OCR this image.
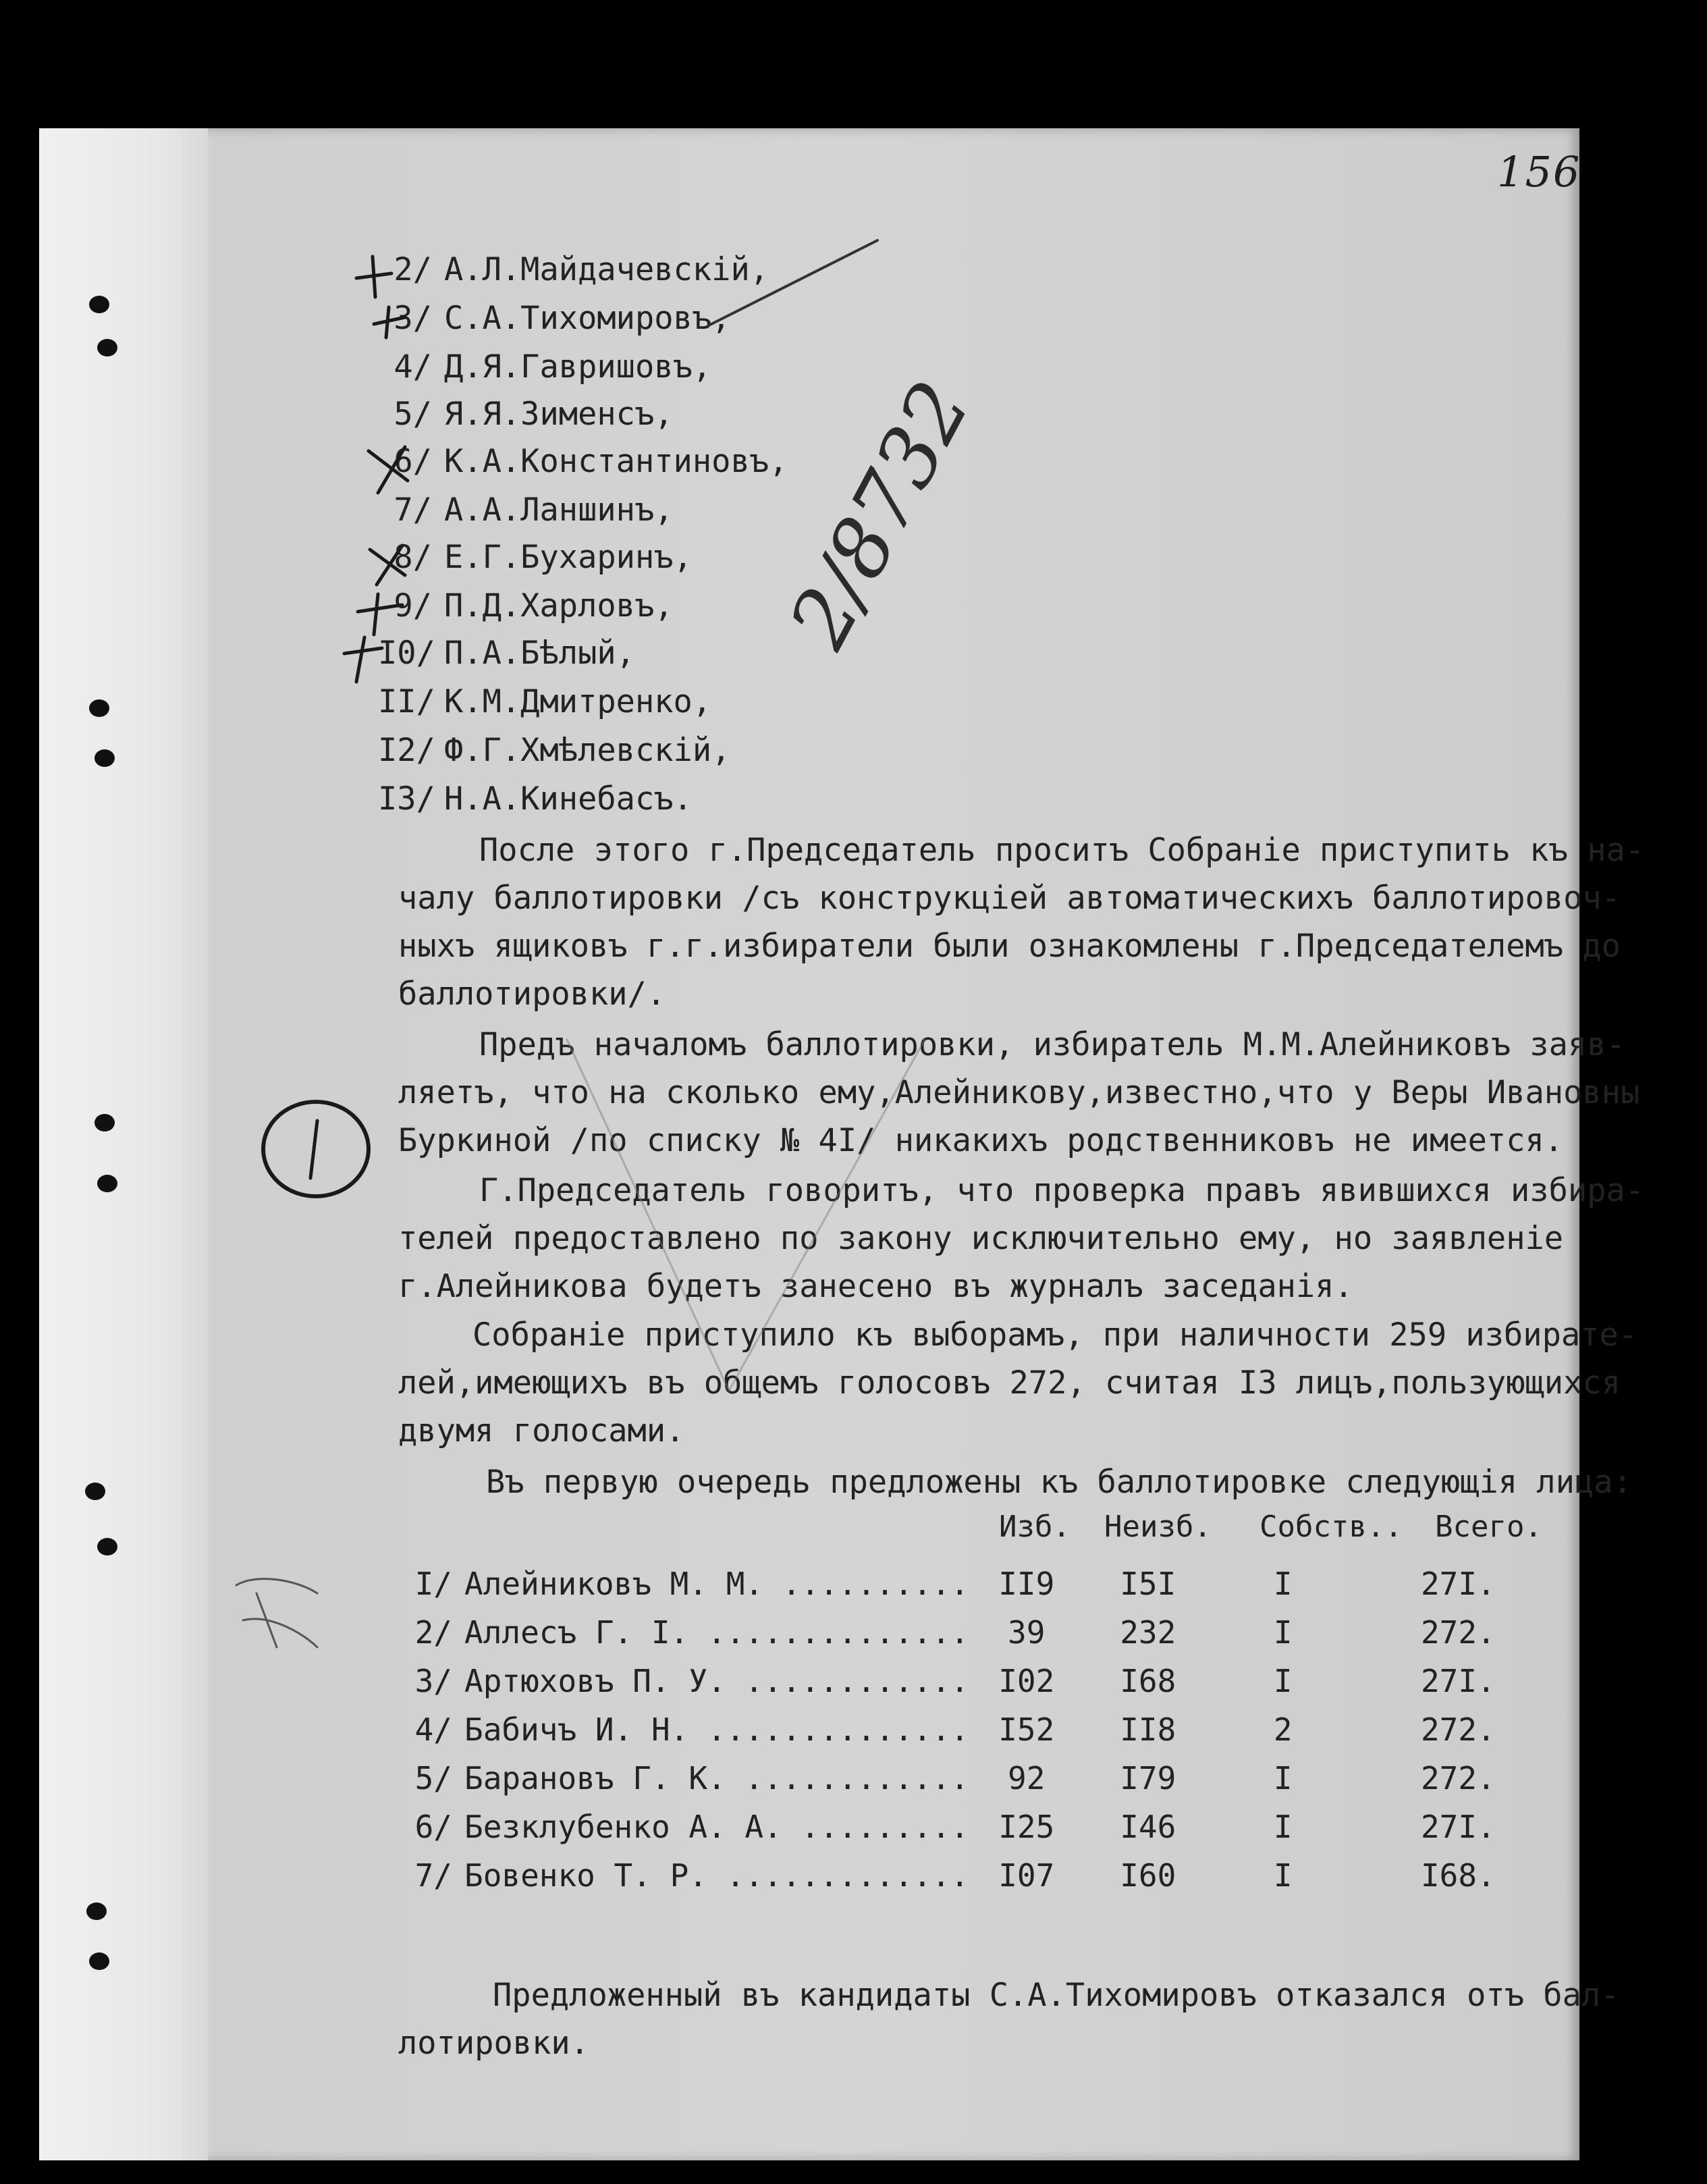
156
2/ А.Л.Майдачевскій,
3/ С.А.Тихомировъ,
4/ Д.Я.Гавришовъ,
5/ Я.Я.Зименсъ,
6/ К.А.Константиновъ,
7/ А.А.Ланшинъ,
8/ Е.Г.Бухаринъ,
9/ П.Д.Харловъ,
I0/ П.А.Бѣлый,
II/ К.М.Дмитренко,
I2/ Ф.Г.Хмѣлевскій,
I3/ Н.А.Кинебасъ.
После этого г.Председатель проситъ Собраніе приступить къ на-
чалу баллотировки /съ конструкціей автоматическихъ баллотировоч-
ныхъ ящиковъ г.г.избиратели были ознакомлены г.Председателемъ до
баллотировки/.
Предъ началомъ баллотировки, избиратель М.М.Алейниковъ заяв-
ляетъ, что на сколько ему,Алейникову,известно,что у Веры Ивановны
Буркиной /по списку № 4I/ никакихъ родственниковъ не имеется.
Г.Председатель говоритъ, что проверка правъ явившихся избира-
телей предоставлено по закону исключительно ему, но заявленіе
г.Алейникова будетъ занесено въ журналъ заседанія.
Собраніе приступило къ выборамъ, при наличности 259 избирате-
лей,имеющихъ въ общемъ голосовъ 272, считая I3 лицъ,пользующихся
двумя голосами.
Въ первую очередь предложены къ баллотировке следующія лица:
Изб. Неизб. Собств.. Всего.
I/	Алейниковъ М. М. ..........	II9	I5I	I	27I.
2/	Аллесъ Г. I. ..............	39	232	I	272.
3/	Артюховъ П. У. ............	I02	I68	I	27I.
4/	Бабичъ И. Н. ..............	I52	II8	2	272.
5/	Барановъ Г. К. ............	92	I79	I	272.
6/	Безклубенко А. А. .........	I25	I46	I	27I.
7/	Бовенко Т. Р. .............	I07	I60	I	I68.
Предложенный въ кандидаты С.А.Тихомировъ отказался отъ бал-
лотировки.
2/8732
